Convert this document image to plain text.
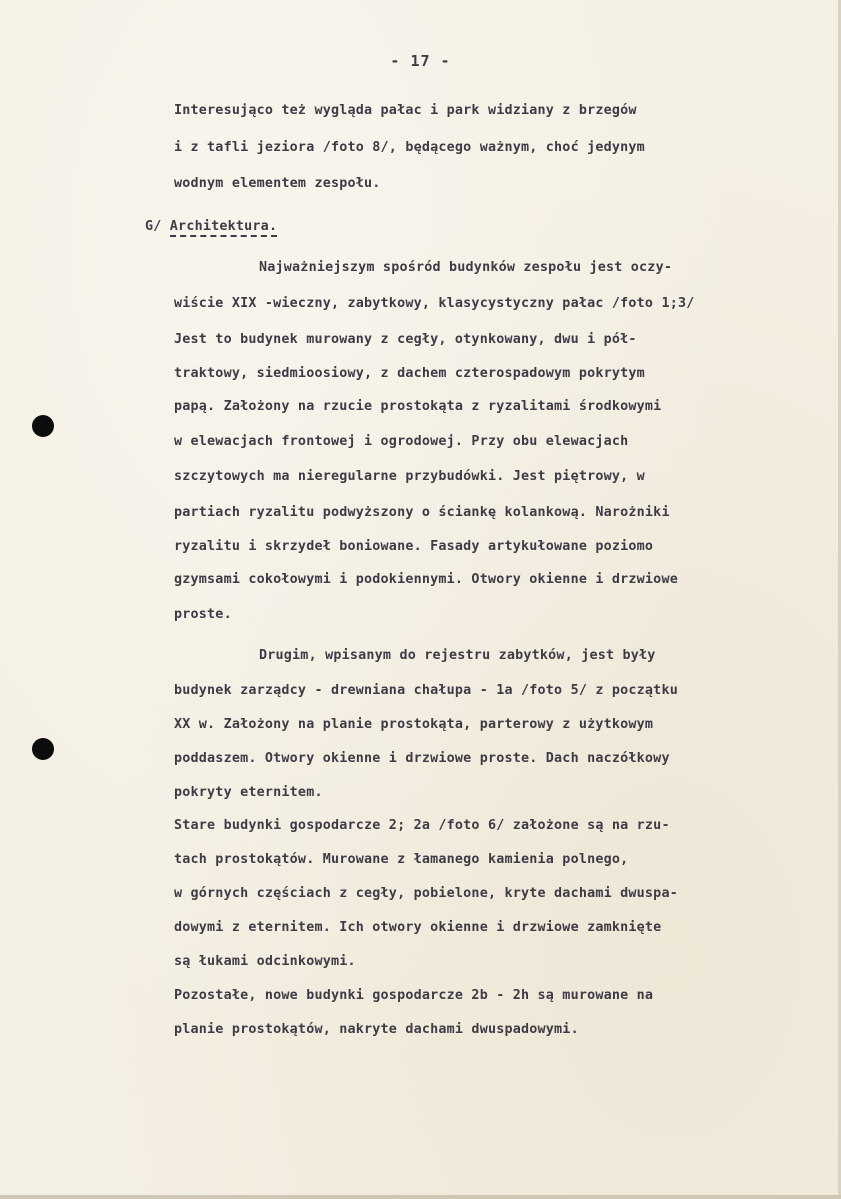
- 17 -
Interesująco też wygląda pałac i park widziany z brzegów
i z tafli jeziora /foto 8/, będącego ważnym, choć jedynym
wodnym elementem zespołu.
G/ Architektura.
Najważniejszym spośród budynków zespołu jest oczy-
wiście XIX -wieczny, zabytkowy, klasycystyczny pałac /foto 1;3/
Jest to budynek murowany z cegły, otynkowany, dwu i pół-
traktowy, siedmioosiowy, z dachem czterospadowym pokrytym
papą. Założony na rzucie prostokąta z ryzalitami środkowymi
w elewacjach frontowej i ogrodowej. Przy obu elewacjach
szczytowych ma nieregularne przybudówki. Jest piętrowy, w
partiach ryzalitu podwyższony o ściankę kolankową. Narożniki
ryzalitu i skrzydeł boniowane. Fasady artykułowane poziomo
gzymsami cokołowymi i podokiennymi. Otwory okienne i drzwiowe
proste.
Drugim, wpisanym do rejestru zabytków, jest były
budynek zarządcy - drewniana chałupa - 1a /foto 5/ z początku
XX w. Założony na planie prostokąta, parterowy z użytkowym
poddaszem. Otwory okienne i drzwiowe proste. Dach naczółkowy
pokryty eternitem.
Stare budynki gospodarcze 2; 2a /foto 6/ założone są na rzu-
tach prostokątów. Murowane z łamanego kamienia polnego,
w górnych częściach z cegły, pobielone, kryte dachami dwuspa-
dowymi z eternitem. Ich otwory okienne i drzwiowe zamknięte
są łukami odcinkowymi.
Pozostałe, nowe budynki gospodarcze 2b - 2h są murowane na
planie prostokątów, nakryte dachami dwuspadowymi.
